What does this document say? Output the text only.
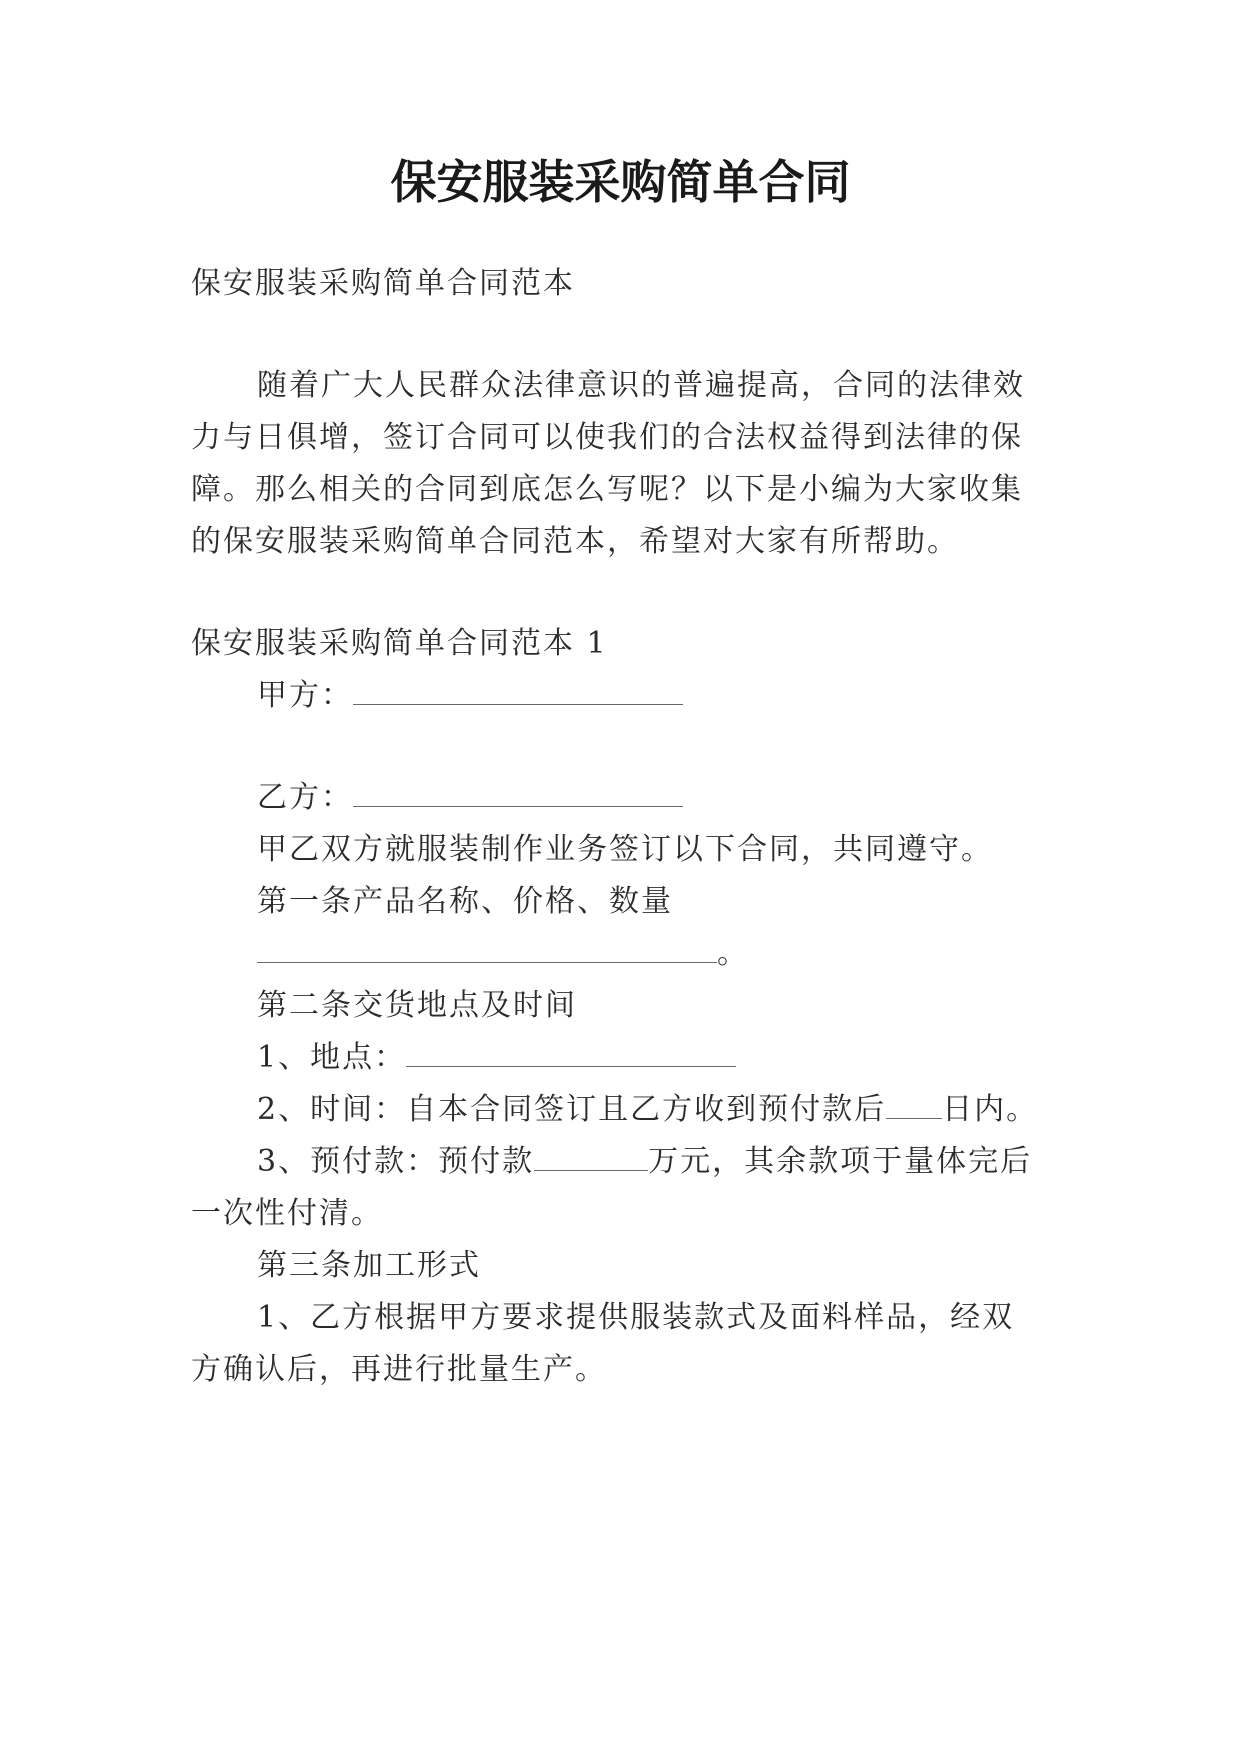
保安服装采购简单合同
保安服装采购简单合同范本
随着广大人民群众法律意识的普遍提高，合同的法律效
力与日俱增，签订合同可以使我们的合法权益得到法律的保
障。那么相关的合同到底怎么写呢？以下是小编为大家收集
的保安服装采购简单合同范本，希望对大家有所帮助。
保安服装采购简单合同范本 1
甲方：
乙方：
甲乙双方就服装制作业务签订以下合同，共同遵守。
第一条产品名称、价格、数量
。
第二条交货地点及时间
1、地点：
2、时间：自本合同签订且乙方收到预付款后 日内。
3、预付款：预付款	万元，其余款项于量体完后
一次性付清。
第三条加工形式
1、乙方根据甲方要求提供服装款式及面料样品，经双
方确认后，再进行批量生产。
